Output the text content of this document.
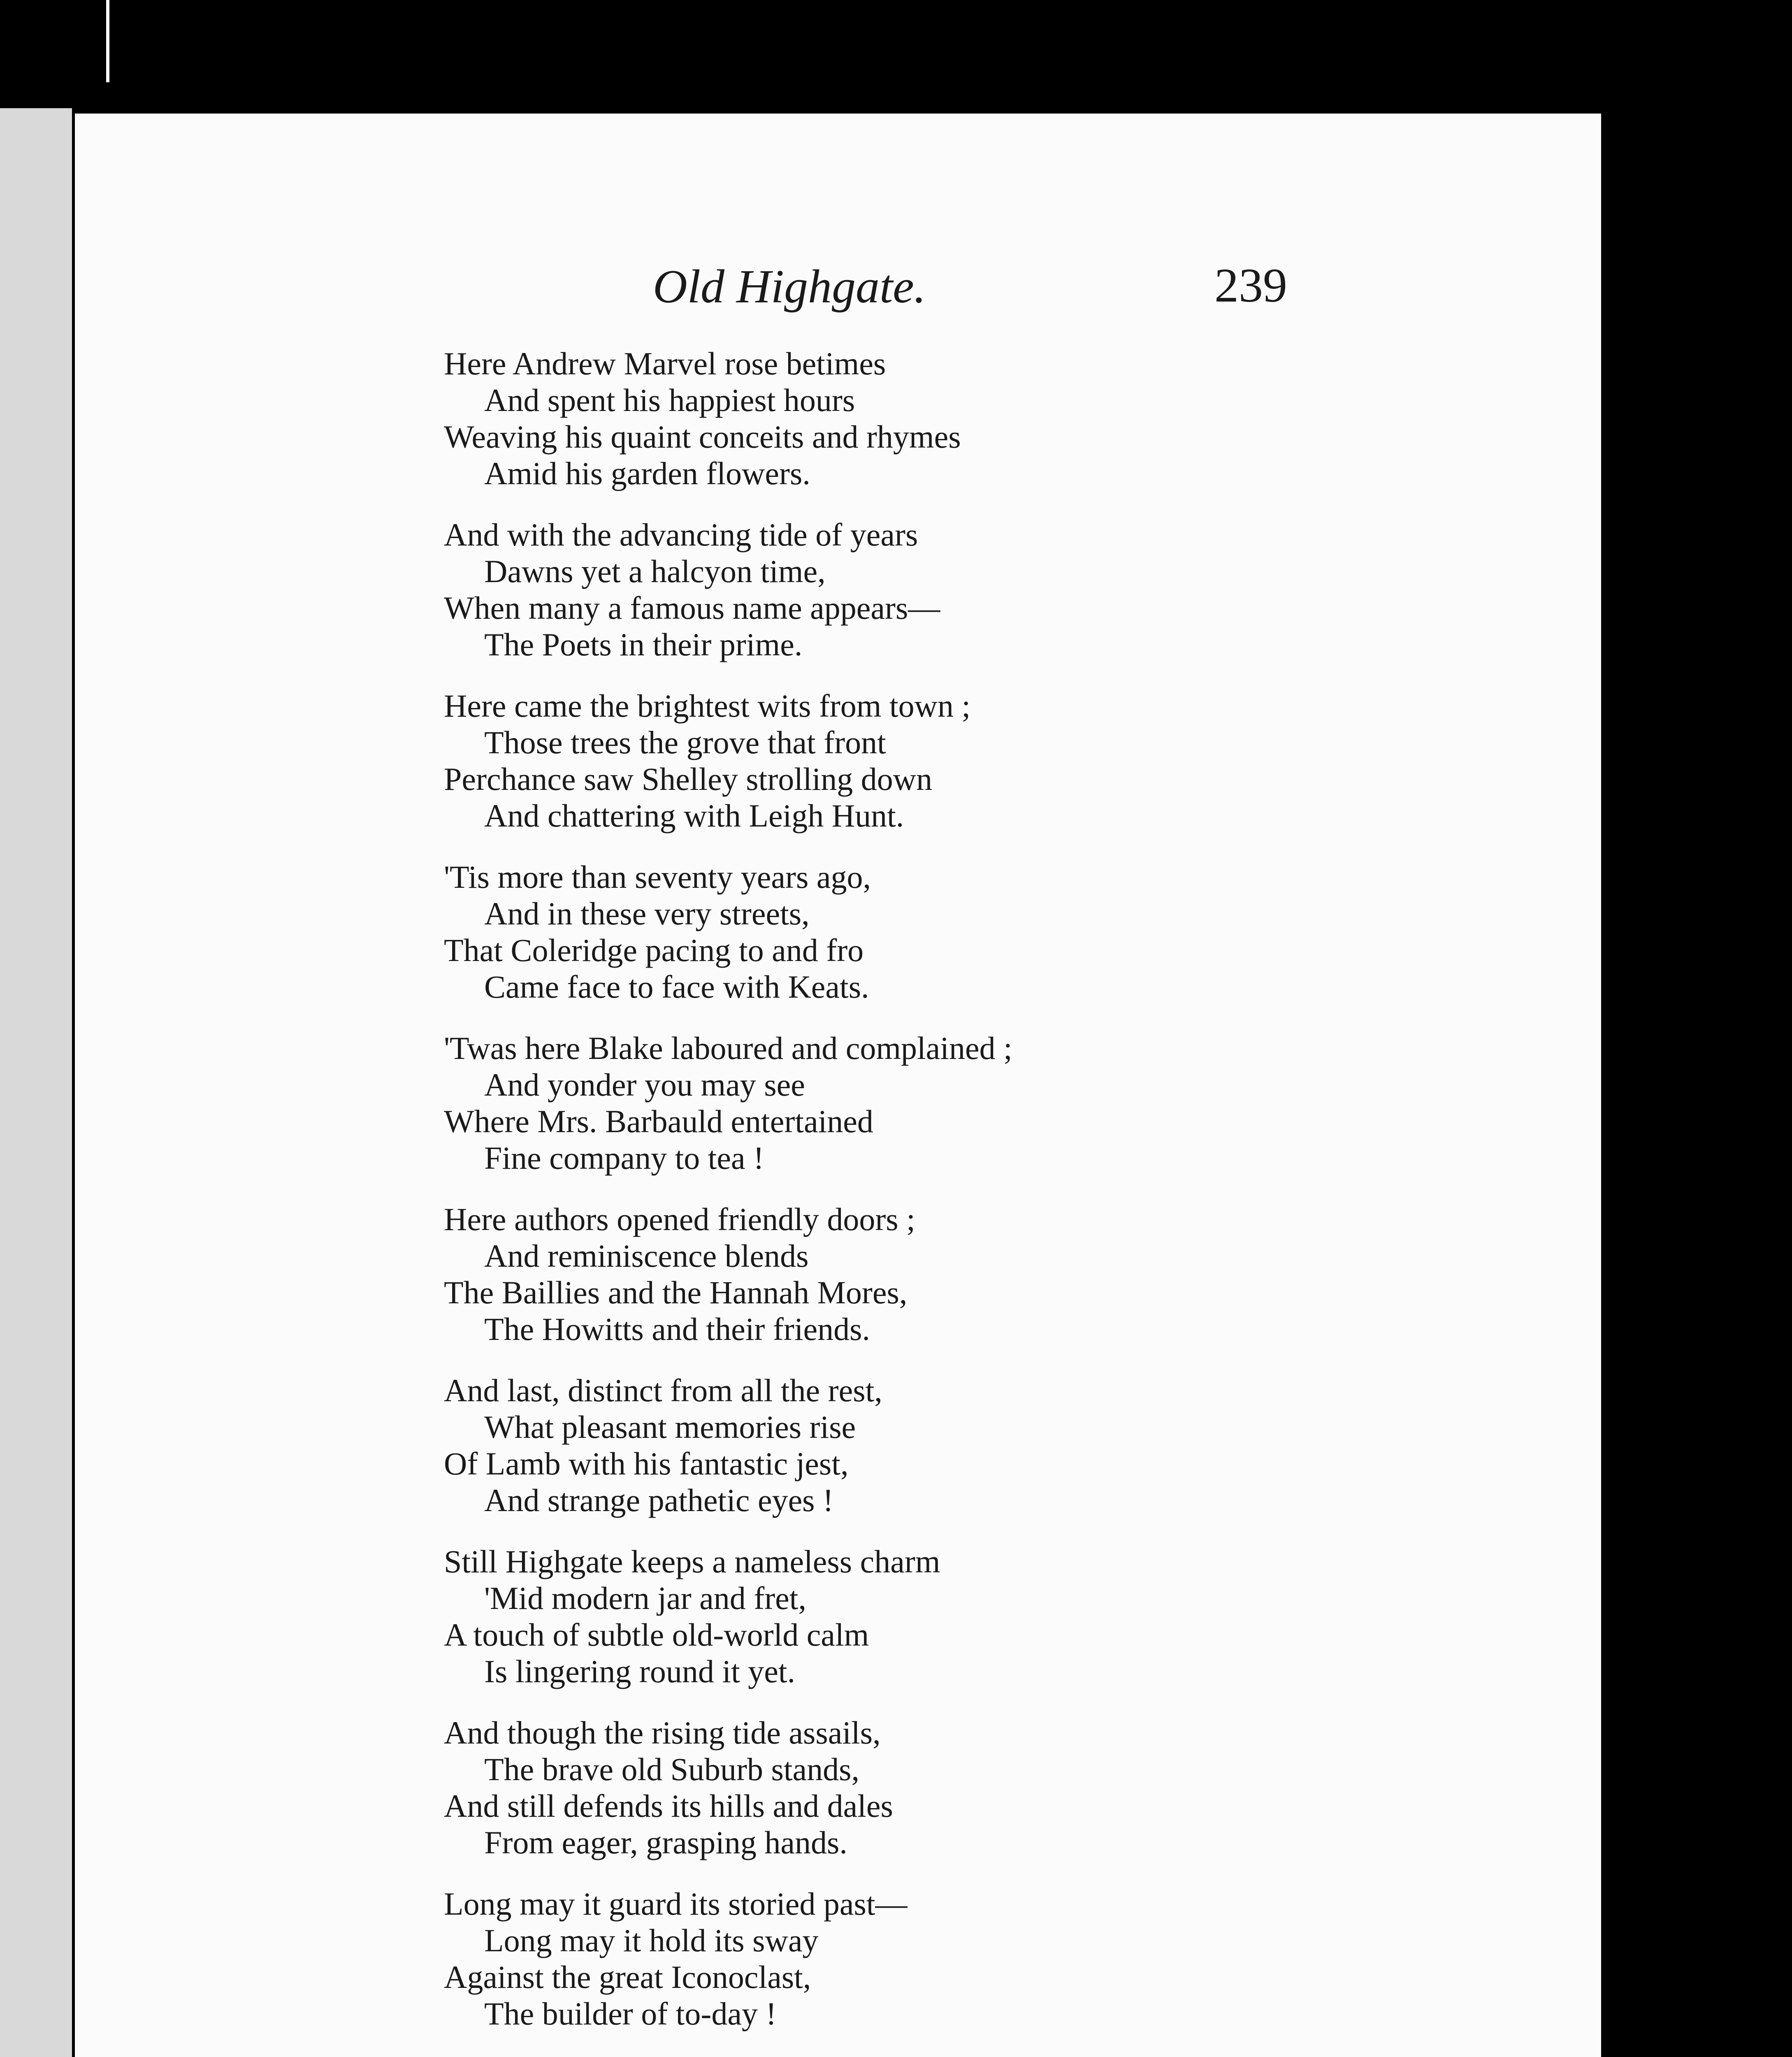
Old Highgate.	239
Here Andrew Marvel rose betimes
And spent his happiest hours
Weaving his quaint conceits and rhymes
Amid his garden flowers.
And with the advancing tide of years
Dawns yet a halcyon time,
When many a famous name appears—
The Poets in their prime.
Here came the brightest wits from town ;
Those trees the grove that front
Perchance saw Shelley strolling down
And chattering with Leigh Hunt.
'Tis more than seventy years ago,
And in these very streets,
That Coleridge pacing to and fro
Came face to face with Keats.
'Twas here Blake laboured and complained ;
And yonder you may see
Where Mrs. Barbauld entertained
Fine company to tea !
Here authors opened friendly doors ;
And reminiscence blends
The Baillies and the Hannah Mores,
The Howitts and their friends.
And last, distinct from all the rest,
What pleasant memories rise
Of Lamb with his fantastic jest,
And strange pathetic eyes !
Still Highgate keeps a nameless charm
'Mid modern jar and fret,
A touch of subtle old-world calm
Is lingering round it yet.
And though the rising tide assails,
The brave old Suburb stands,
And still defends its hills and dales
From eager, grasping hands.
Long may it guard its storied past—
Long may it hold its sway
Against the great Iconoclast,
The builder of to-day !
